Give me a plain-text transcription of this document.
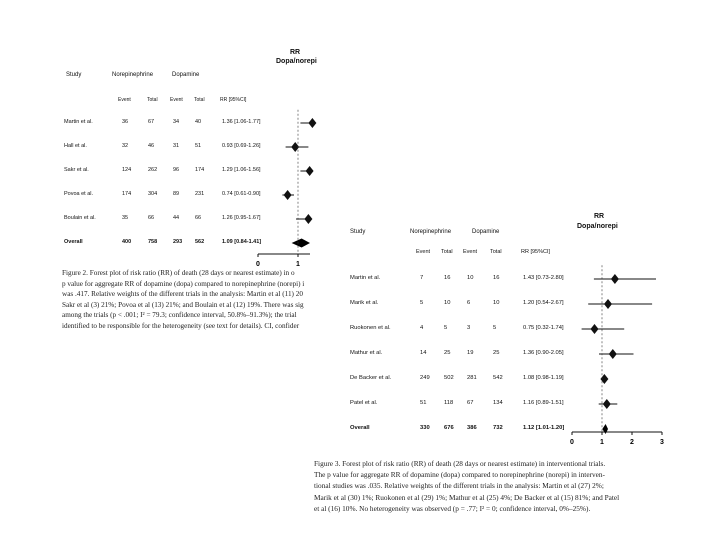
RR
Dopa/norepi
Study	Norepinephrine	Dopamine
Event	Total Event Total	RR [95%CI]
Martin et al.	36	67	34	40	1.36 [1.06-1.77]
Hall et al.	32	46	31	51	0.93 [0.69-1.26]
Sakr et al.	124	262	96	174	1.29 [1.06-1.56]
Povoa et al.	174	304	89	231	0.74 [0.61-0.90]
Boulain et al.	35	66	44	66	1.26 [0.95-1.67]
Overall	400	758	293 562	1.09 [0.84-1.41]
0	1
Figure 2. Forest plot of risk ratio (RR) of death (28 days or nearest estimate) in o
p value for aggregate RR of dopamine (dopa) compared to norepinephrine (norepi) i
was .417. Relative weights of the different trials in the analysis: Martin et al (11) 20
Sakr et al (3) 21%; Povoa et al (13) 21%; and Boulain et al (12) 19%. There was sig
among the trials (p < .001; I² = 79.3; confidence interval, 50.8%–91.3%); the trial
identified to be responsible for the heterogeneity (see text for details). CI, confider
RR
Dopa/norepi
Study	Norepinephrine	Dopamine
Event Total Event Total	RR [95%CI]
Martin et al.	7	16	10	16	1.43 [0.73-2.80]
Marik et al.	5	10	6	10	1.20 [0.54-2.67]
Ruokonen et al.	4	5	3	5	0.75 [0.32-1.74]
Mathur et al.	14	25	19	25	1.36 [0.90-2.05]
De Backer et al.	249 502 281	542	1.08 [0.98-1.19]
Patel et al.	51	118 67	134	1.16 [0.89-1.51]
Overall	330 676 386	732	1.12 [1.01-1.20]
0	1	2	3
Figure 3. Forest plot of risk ratio (RR) of death (28 days or nearest estimate) in interventional trials.
The p value for aggregate RR of dopamine (dopa) compared to norepinephrine (norepi) in interven-
tional studies was .035. Relative weights of the different trials in the analysis: Martin et al (27) 2%;
Marik et al (30) 1%; Ruokonen et al (29) 1%; Mathur et al (25) 4%; De Backer et al (15) 81%; and Patel
et al (16) 10%. No heterogeneity was observed (p = .77; I² = 0; confidence interval, 0%–25%).
